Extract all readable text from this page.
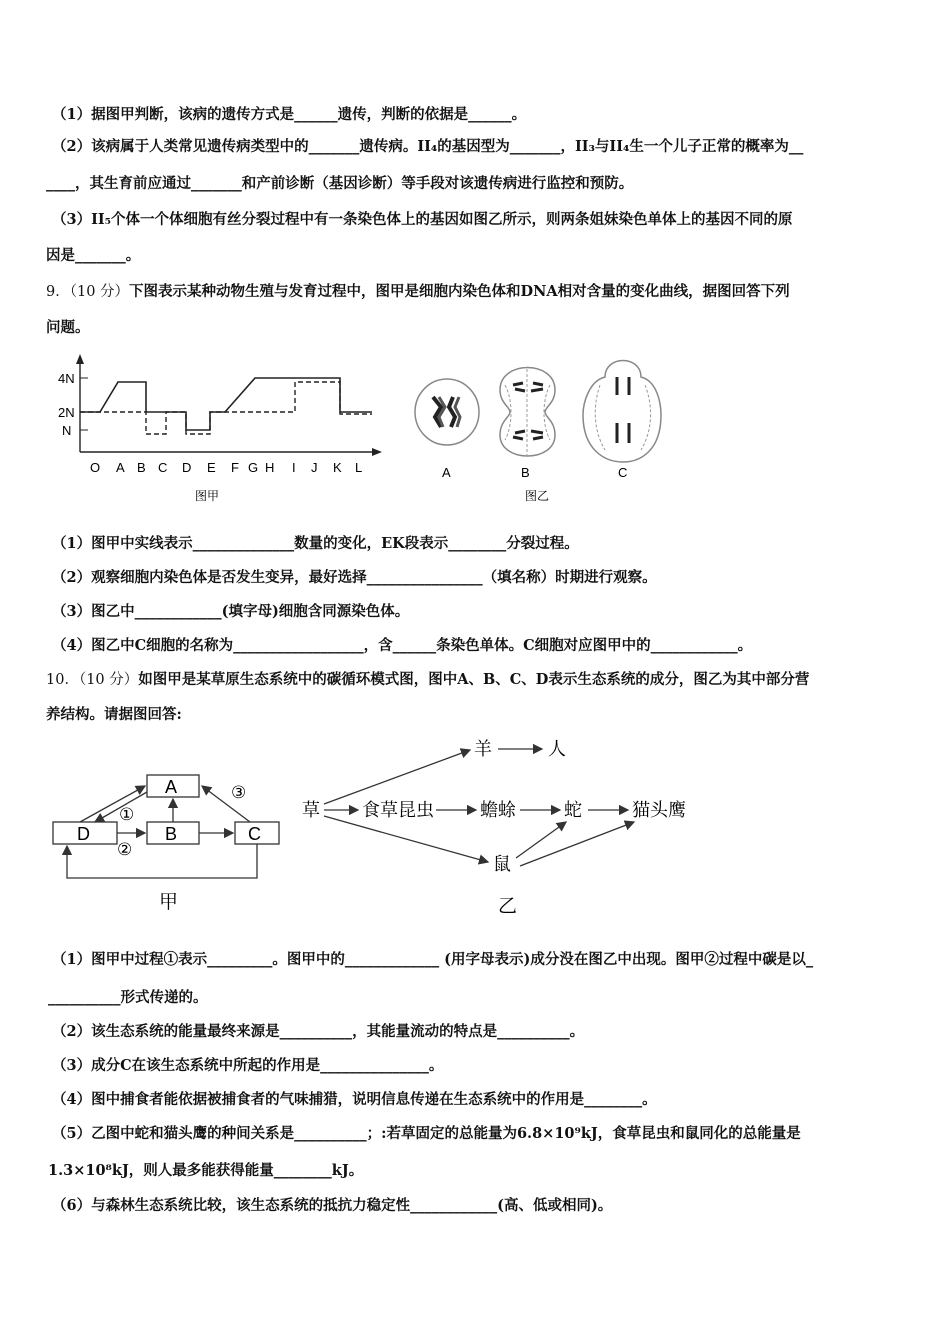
（1）据图甲判断，该病的遗传方式是______遗传，判断的依据是______。
（2）该病属于人类常见遗传病类型中的_______遗传病。II₄的基因型为_______，II₃与II₄生一个儿子正常的概率为__
____，其生育前应通过_______和产前诊断（基因诊断）等手段对该遗传病进行监控和预防。
（3）II₅个体一个体细胞有丝分裂过程中有一条染色体上的基因如图乙所示，则两条姐妹染色单体上的基因不同的原
因是_______。
9．（10 分）下图表示某种动物生殖与发育过程中，图甲是细胞内染色体和DNA相对含量的变化曲线，据图回答下列
问题。
4N
2N
N
O A B C D E F G H I J K L
图甲
A	B	C
图乙
（1）图甲中实线表示______________数量的变化，EK段表示________分裂过程。
（2）观察细胞内染色体是否发生变异，最好选择________________（填名称）时期进行观察。
（3）图乙中____________(填字母)细胞含同源染色体。
（4）图乙中C细胞的名称为__________________，含______条染色单体。C细胞对应图甲中的____________。
10．（10 分）如图甲是某草原生态系统中的碳循环模式图，图中A、B、C、D表示生态系统的成分，图乙为其中部分营
养结构。请据图回答:
A
B	C
D
①
②
③
甲
草 食草昆虫	蟾蜍	蛇	猫头鹰
羊	人
鼠
乙
（1）图甲中过程①表示_________。图甲中的_____________ (用字母表示)成分没在图乙中出现。图甲②过程中碳是以_
__________形式传递的。
（2）该生态系统的能量最终来源是__________，其能量流动的特点是__________。
（3）成分C在该生态系统中所起的作用是_______________。
（4）图中捕食者能依据被捕食者的气味捕猎，说明信息传递在生态系统中的作用是________。
（5）乙图中蛇和猫头鹰的种间关系是__________；:若草固定的总能量为6.8×10⁹kJ，食草昆虫和鼠同化的总能量是
1.3×10⁸kJ，则人最多能获得能量________kJ。
（6）与森林生态系统比较，该生态系统的抵抗力稳定性____________(高、低或相同)。
